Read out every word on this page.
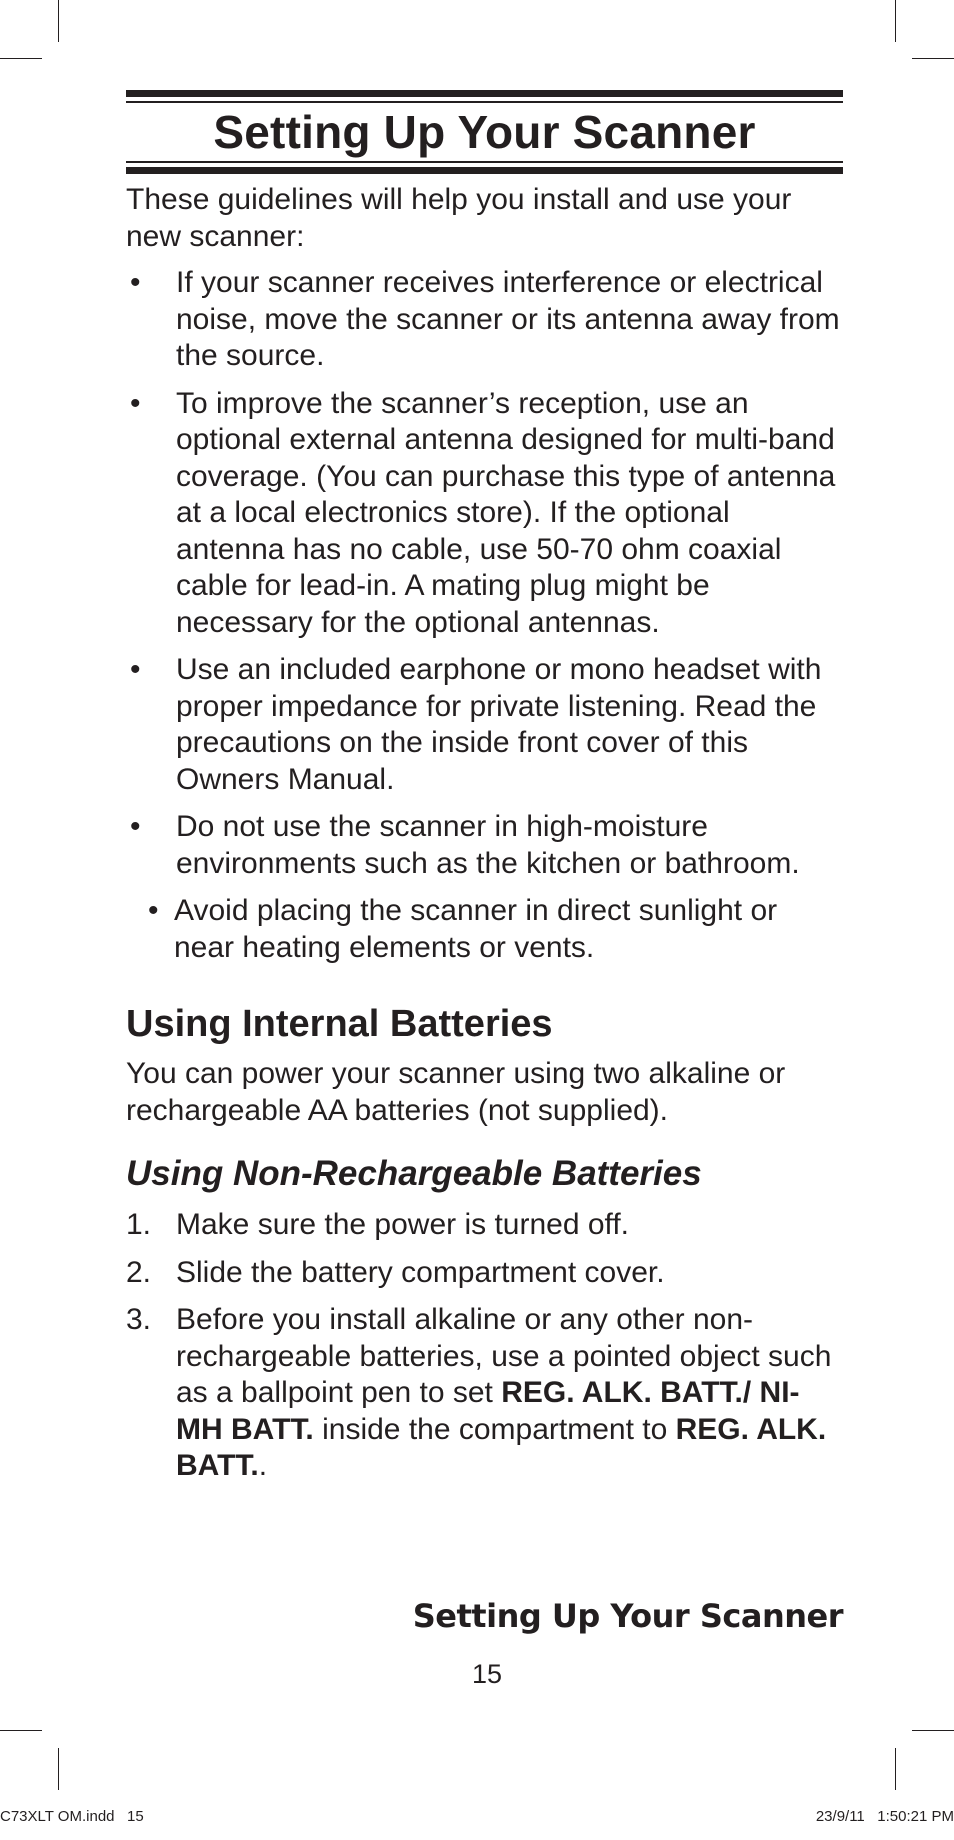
Setting Up Your Scanner

These guidelines will help you install and use your new scanner:

• If your scanner receives interference or electrical noise, move the scanner or its antenna away from the source.
• To improve the scanner’s reception, use an optional external antenna designed for multi-band coverage. (You can purchase this type of antenna at a local electronics store). If the optional antenna has no cable, use 50-70 ohm coaxial cable for lead-in. A mating plug might be necessary for the optional antennas.
• Use an included earphone or mono headset with proper impedance for private listening. Read the precautions on the inside front cover of this Owners Manual.
• Do not use the scanner in high-moisture environments such as the kitchen or bathroom.
• Avoid placing the scanner in direct sunlight or near heating elements or vents.
Using Internal Batteries

You can power your scanner using two alkaline or rechargeable AA batteries (not supplied).

Using Non-Rechargeable Batteries
1. Make sure the power is turned off.
2. Slide the battery compartment cover.
3. Before you install alkaline or any other non-rechargeable batteries, use a pointed object such as a ballpoint pen to set REG. ALK. BATT./ NI-MH BATT. inside the compartment to REG. ALK. BATT..
Setting Up Your Scanner
15
C73XLT OM.indd   15	23/9/11   1:50:21 PM
